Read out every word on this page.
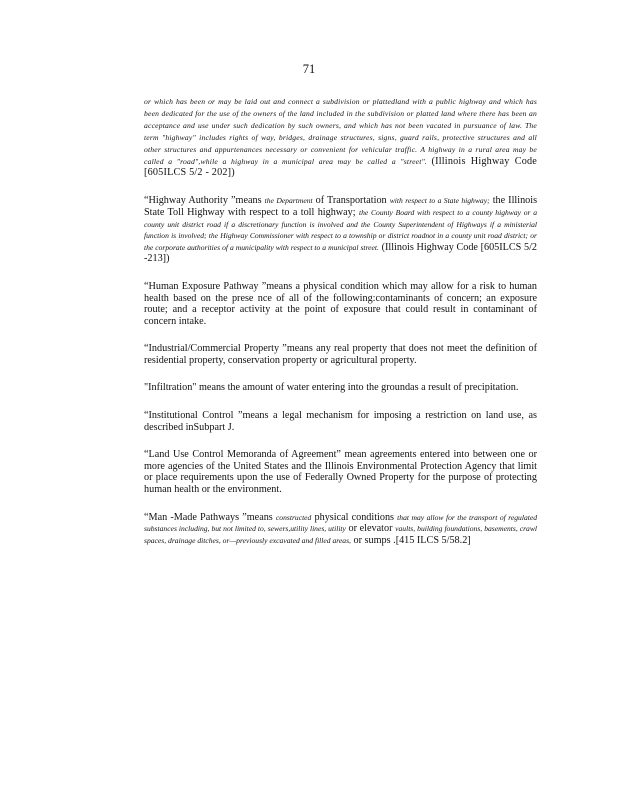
71

or which has been or may be laid out and connect a subdivision or plattedland with a public highway and which has been dedicated for the use of the owners of the land included in the subdivision or platted land where there has been an acceptance and use under such dedication by such owners, and which has not been vacated in pursuance of law. The term "highway" includes rights of way, bridges, drainage structures, signs, guard rails, protective structures and all other structures and appurtenances necessary or convenient for vehicular traffic. A highway in a rural area may be called a "road",while a highway in a municipal area may be called a "street". (Illinois Highway Code [605ILCS 5/2 - 202])

“Highway Authority ”means the Department of Transportation with respect to a State highway; the Illinois State Toll Highway with respect to a toll highway; the County Board with respect to a county highway or a county unit district road if a discretionary function is involved and the County Superintendent of Highways if a ministerial function is involved; the Highway Commissioner with respect to a township or district roadnot in a county unit road district; or the corporate authorities of a municipality with respect to a municipal street. (Illinois Highway Code [605ILCS 5/2 -213])

“Human Exposure Pathway ”means a physical condition which may allow for a risk to human health based on the prese nce of all of the following:contaminants of concern; an exposure route; and a receptor activity at the point of exposure that could result in contaminant of concern intake.

“Industrial/Commercial Property ”means any real property that does not meet the definition of residential property, conservation property or agricultural property.

"Infiltration" means the amount of water entering into the groundas a result of precipitation.

“Institutional Control ”means a legal mechanism for imposing a restriction on land use, as described inSubpart J.

“Land Use Control Memoranda of Agreement” mean agreements entered into between one or more agencies of the United States and the Illinois Environmental Protection Agency that limit or place requirements upon the use of Federally Owned Property for the purpose of protecting human health or the environment.

“Man -Made Pathways ”means constructed physical conditions that may allow for the transport of regulated substances including, but not limited to, sewers,utility lines, utility or elevator vaults, building foundations, basements, crawl spaces, drainage ditches, or—previously excavated and filled areas, or sumps .[415 ILCS 5/58.2]
